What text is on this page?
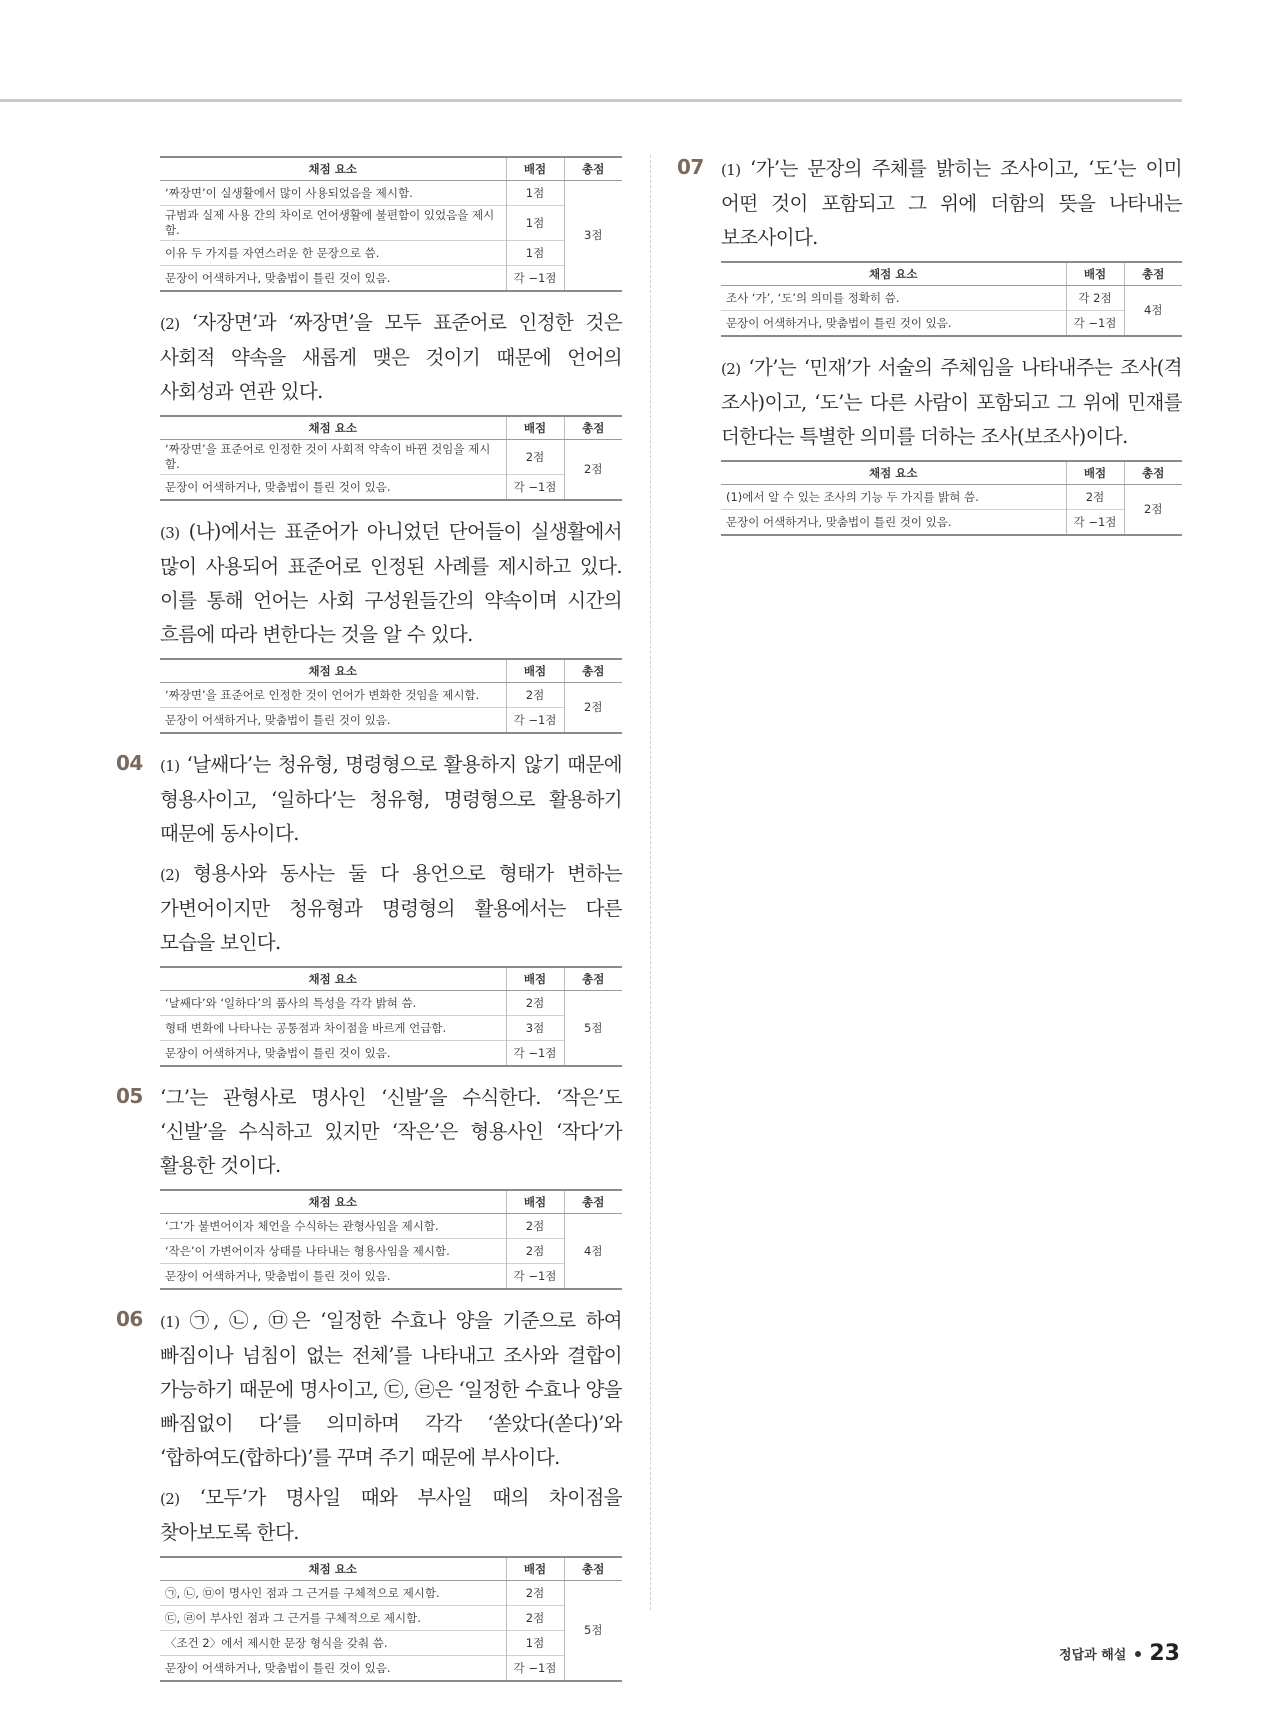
채점 요소	배점	총점
‘짜장면’이 실생활에서 많이 사용되었음을 제시함.	1점	3점
규범과 실제 사용 간의 차이로 언어생활에 불편함이 있었음을 제시함.	1점	
이유 두 가지를 자연스러운 한 문장으로 씀.	1점	
문장이 어색하거나, 맞춤법이 틀린 것이 있음.	각 −1점	

(2) ‘자장면’과 ‘짜장면’을 모두 표준어로 인정한 것은 사회적 약속을 새롭게 맺은 것이기 때문에 언어의 사회성과 연관 있다.

채점 요소	배점	총점
‘짜장면’을 표준어로 인정한 것이 사회적 약속이 바뀐 것임을 제시함.	2점	2점
문장이 어색하거나, 맞춤법이 틀린 것이 있음.	각 −1점	

(3) (나)에서는 표준어가 아니었던 단어들이 실생활에서 많이 사용되어 표준어로 인정된 사례를 제시하고 있다. 이를 통해 언어는 사회 구성원들간의 약속이며 시간의 흐름에 따라 변한다는 것을 알 수 있다.

채점 요소	배점	총점
‘짜장면’을 표준어로 인정한 것이 언어가 변화한 것임을 제시함.	2점	2점
문장이 어색하거나, 맞춤법이 틀린 것이 있음.	각 −1점	
04 (1) ‘날쌔다’는 청유형, 명령형으로 활용하지 않기 때문에 형용사이고, ‘일하다’는 청유형, 명령형으로 활용하기 때문에 동사이다.

(2) 형용사와 동사는 둘 다 용언으로 형태가 변하는 가변어이지만 청유형과 명령형의 활용에서는 다른 모습을 보인다.

채점 요소	배점	총점
‘날쌔다’와 ‘일하다’의 품사의 특성을 각각 밝혀 씀.	2점	5점
형태 변화에 나타나는 공통점과 차이점을 바르게 언급함.	3점	
문장이 어색하거나, 맞춤법이 틀린 것이 있음.	각 −1점	
05 ‘그’는 관형사로 명사인 ‘신발’을 수식한다. ‘작은’도 ‘신발’을 수식하고 있지만 ‘작은’은 형용사인 ‘작다’가 활용한 것이다.

채점 요소	배점	총점
‘그’가 불변어이자 체언을 수식하는 관형사임을 제시함.	2점	4점
‘작은’이 가변어이자 상태를 나타내는 형용사임을 제시함.	2점	
문장이 어색하거나, 맞춤법이 틀린 것이 있음.	각 −1점	
06 (1) ㉠, ㉡, ㉤은 ‘일정한 수효나 양을 기준으로 하여 빠짐이나 넘침이 없는 전체’를 나타내고 조사와 결합이 가능하기 때문에 명사이고, ㉢, ㉣은 ‘일정한 수효나 양을 빠짐없이 다’를 의미하며 각각 ‘쏟았다(쏟다)’와 ‘합하여도(합하다)’를 꾸며 주기 때문에 부사이다.

(2) ‘모두’가 명사일 때와 부사일 때의 차이점을 찾아보도록 한다.

채점 요소	배점	총점
㉠, ㉡, ㉤이 명사인 점과 그 근거를 구체적으로 제시함.	2점	5점
㉢, ㉣이 부사인 점과 그 근거를 구체적으로 제시함.	2점	
〈조건 2〉에서 제시한 문장 형식을 갖춰 씀.	1점	
문장이 어색하거나, 맞춤법이 틀린 것이 있음.	각 −1점	
07 (1) ‘가’는 문장의 주체를 밝히는 조사이고, ‘도’는 이미 어떤 것이 포함되고 그 위에 더함의 뜻을 나타내는 보조사이다.

채점 요소	배점	총점
조사 ‘가’, ‘도’의 의미를 정확히 씀.	각 2점	4점
문장이 어색하거나, 맞춤법이 틀린 것이 있음.	각 −1점	

(2) ‘가’는 ‘민재’가 서술의 주체임을 나타내주는 조사(격 조사)이고, ‘도’는 다른 사람이 포함되고 그 위에 민재를 더한다는 특별한 의미를 더하는 조사(보조사)이다.

채점 요소	배점	총점
(1)에서 알 수 있는 조사의 기능 두 가지를 밝혀 씀.	2점	2점
문장이 어색하거나, 맞춤법이 틀린 것이 있음.	각 −1점	
정답과 해설 23
